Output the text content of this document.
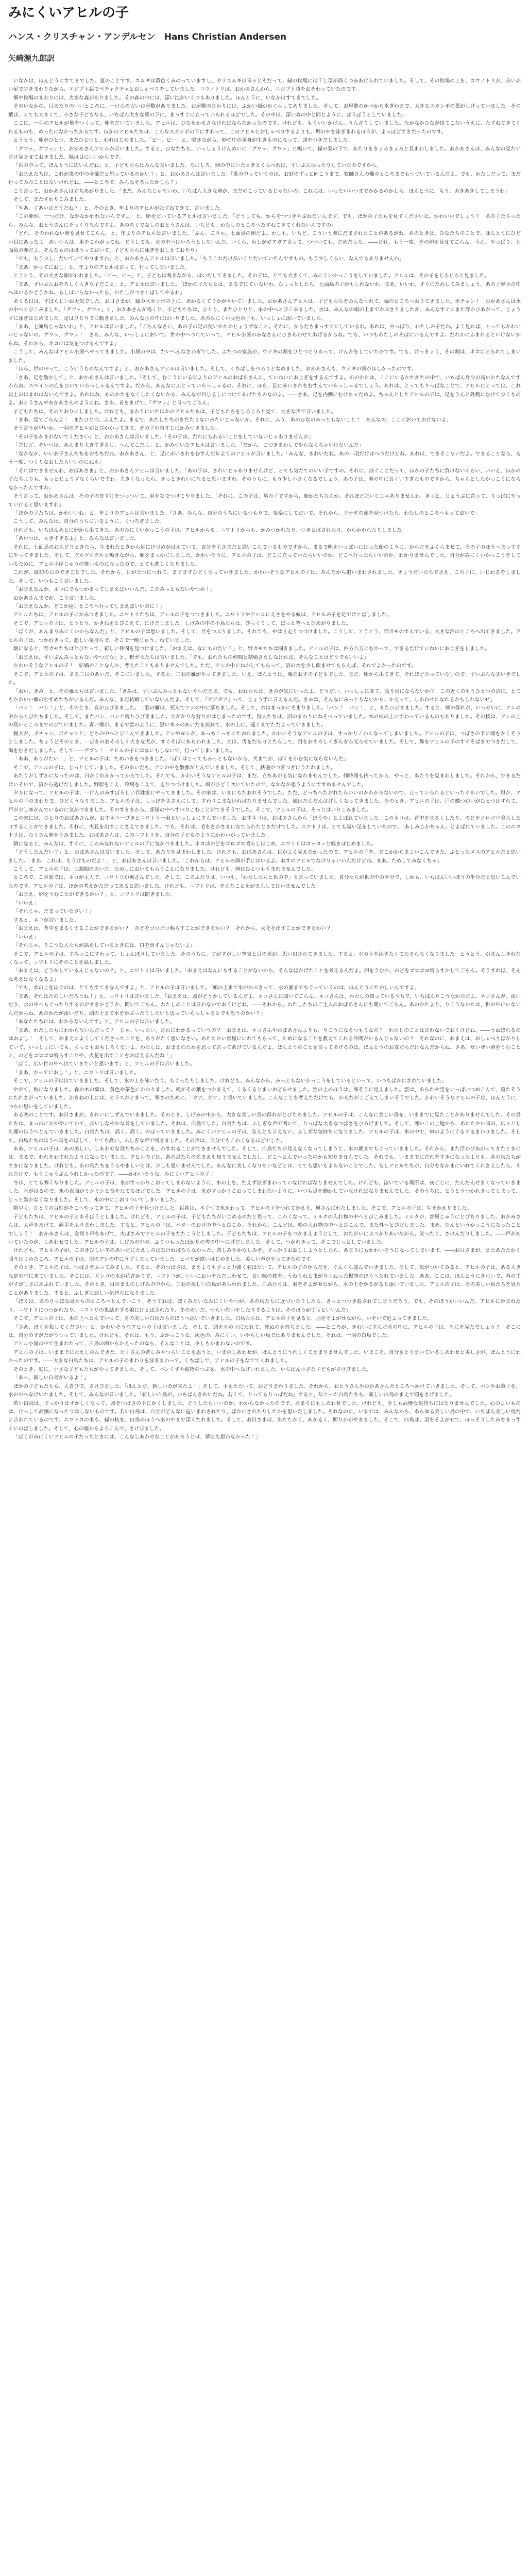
みにくいアヒルの子
ハンス・クリスチャン・アンデルセン　Hans Christian Andersen
矢崎源九郎訳

いなかは、ほんとうにすてきでした。夏のことです。コムギは黄色くみのっていますし、カラスムギは青々とそだって、緑の牧場には干し草が高くつみあげられていました。そして、その牧場の上を、コウノトリが、長い赤い足で歩きまわりながら、エジプト語でペチャクチャとおしゃべりをしていました。コウノトリは、おかあさんから、エジプト語をおそわっていたのです。

畑や牧場のまわりには、大きな森がありました。その森の中には、深い池がいくつもありました。ほんとうに、いなかはすてきでした。

そのいなかの、日あたりのいいところに、一けんの古いお屋敷がありました。お屋敷のまわりには、ふかい堀がめぐらしてありました。そして、お屋敷のかべから水ぎわまで、大きなスカンポの葉がしげっていました。その葉は、とても大きくて、小さな子どもなら、いちばん大きな葉の下に、まっすぐに立っていられるほどでした。その中は、深い森の中と同じように、ぼうぼうとしていました。

ここに、一羽のアヒルが巣をつくって、卵をだいていました。アヒルは、ひなをかえさなければならなかったのです。けれども、もういいかげん、うんざりしていました。なかなかひなが出てこないうえに、たずねてきてくれるものも、めったになかったからです。ほかのアヒルたちは、こんなスカンポの下にすわって、このアヒルとおしゃべりするよりも、堀の中を泳ぎまわるほうが、よっぽどすきだったのです。

とうとう、卵がひとつ、またひとつと、われはじめました。「ピー、ピー」と、鳴きながら、卵の中の黄身が生きものになって、頭をつきだしました。

「グワッ、グワッ」と、おかあさんアヒルが言いました。すると、ひなたちも、いっしょうけんめいに「グワッ、グワッ」と鳴いて、緑の葉の下で、あたりをきょろきょろと見まわしました。おかあさんは、みんなの見たいだけ見させておきました。緑は目にいいからです。

「世の中って、ほんとうに広いんだね」と、子どもたちはみんな言いました。なにしろ、卵の中にいたときとくらべれば、ずいぶんゆったりしていたのですから。

「おまえたちは、これが世の中の全部だと思っているのかい？」と、おかあさんは言いました。「世の中っていうのは、お庭のずっと向こうまで、牧師さんの畑のところまでもつづいているんだよ。でも、わたしだって、まだ行ってみたことはないけれどね。――ところで、みんなそろったかしら？」

こう言って、おかあさんは立ちあがりました。「まだ、みんなじゃないわ。いちばん大きな卵が、まだのこっているじゃないの。これには、いったいいつまでかかるのかしら。ほんとうに、もう、あきあきしてしまうわ」

そして、またすわりこみました。

「やあ、ぐあいはどうだね？」と、そのとき、年よりのアヒルがたずねてきて、言いました。

「この卵が、一つだけ、なかなかわれないんですよ」と、卵をだいているアヒルは言いました。「どうしても、からをつつきやぶれないんです。でも、ほかの子たちを見てくださいな。かわいいでしょう？　あの子たちったら、みんな、おとうさんにそっくりなんですよ。あのろくでなしのおとうさんは、いちども、わたしのところへたずねてきてくれないんですの」

「どれ、そのわれない卵を見せてごらん」と、年よりのアヒルは言いました。「ふん、こりゃ、七面鳥の卵だよ。わしも、いちど、こういう卵にだまされたことがあるがね。あのときは、ひなたちのことで、ほんとうにひどい目にあったよ。あいつらは、水をこわがってね。どうしても、水の中へはいろうとしないんだ。いくら、わしがガアガア言って、つついても、だめだった。――どれ、もう一度、その卵を見せてごらん。うん、やっぱり、七面鳥の卵だよ。そんなものはほうっておいて、子どもたちに泳ぎをおしえておやり」

「でも、もう少し、だいていてやりますわ」と、おかあさんアヒルは言いました。「もうこれだけ長いことだいていたんですもの。もう少しくらい、なんでもありませんわ」

「まあ、かってにおし」と、年よりのアヒルは言って、行ってしまいました。

とうとう、その大きな卵がわれました。「ピー、ピー」と、子どもは鳴きながら、はいだしてきました。その子は、とても大きくて、みにくいかっこうをしていました。アヒルは、その子をじろじろと見ました。

「まあ、ずいぶんおそろしく大きな子だこと」と、アヒルは言いました。「ほかの子たちとは、まるでにていないわ。ひょっとしたら、七面鳥の子かもしれないわ。まあ、いいわ、すぐにためしてみましょう。あの子が水の中へはいるかどうかね。もしはいらなかったら、わたしがつきとばしてやるわ」

あくる日は、すばらしいお天気でした。お日さまが、緑のスカンポの上に、あかるくてりかがやいていました。おかあさんアヒルは、子どもたちをみんなつれて、堀のところへおりてきました。ポチャン！　おかあさんは水の中へとびこみました。「グワッ、グワッ」と、おかあさんが鳴くと、子どもたちは、ひとり、またひとりと、水の中へとびこみました。水は、みんなの頭の上までかぶさりましたが、みんなすぐにまた浮かびあがって、じょうずに泳ぎはじめました。足はひとりでに動きました。みんな水の中にはいりました。あのみにくい灰色の子も、いっしょに泳いでいました。

「まあ、七面鳥じゃないわ」と、アヒルは言いました。「ごらんなさい、あの子の足の使いかたのじょうずなこと。それに、からだもまっすぐにしているわ。あれは、やっぱり、わたしの子だわ。よく見れば、とってもかわいいじゃないの。グワッ、グワッ！　さあ、みんな、いっしょにおいで。世の中へつれていって、アヒル小屋のみなさんにひきあわせてあげるからね。でも、いつもわたしのそばにいるんですよ。だれかにふまれるといけないからね。それから、ネコには気をつけるんですよ」

こうして、みんなはアヒル小屋へやってきました。小屋の中は、たいへんなさわぎでした。ふたつの家族が、ウナギの頭をひとつとりあって、けんかをしていたのです。でも、けっきょく、その頭は、ネコにとられてしまいました。

「ほら、世の中って、こういうものなんですよ」と、おかあさんアヒルは言いました。そして、くちばしをぺろりとなめました。おかあさんも、ウナギの頭がほしかったのです。

「さあ、足を動かして」と、おかあさんは言いました。「そして、むこうにいる年よりのアヒルのおばあさんに、ていねいにおじぎをするんですよ。あのかたは、ここにいるかたがたの中で、いちばん身分の高いかたなんですからね。スペインの血をひいていらっしゃるんですよ。だから、あんなにふとっていらっしゃるの。それに、ほら、足に赤いきれをむすんでいらっしゃるでしょう。あれは、とってもりっぱなことで、アヒルにとっては、これ以上のほまれはないんですよ。あれはね、あのかたをなくしたくないから、みんなが目じるしにつけてあげたものなのよ。――さあ、足を内側にむけちゃだめよ。ちゃんとしたアヒルの子は、足をうんと外側にむけて歩くものよ。おとうさんやおかあさんのようにね。さあ、首をまげて、『グワッ』と言ってごらん」

子どもたちは、そのとおりにしました。けれども、まわりにいたほかのアヒルたちは、子どもたちをじろじろと見て、大きな声で言いました。

「まあ、見てごらんよ！　またひとつ、ふえたよ。まるで、あたしたちがまだたりないみたいじゃないか。それに、ふう、あのひなのみっともないこと！　あんなの、ここにおいておけないよ」

そう言うが早いか、一羽のアヒルがとびかかってきて、その子の首すじにかみつきました。

「その子をかまわないでください」と、おかあさんは言いました。「その子は、だれにもわるいことをしていないじゃありませんか」

「だけど、そいつは、あんまり大きすぎるし、へんてこだよ」と、かみついたアヒルは言いました。「だから、こづきまわしてやらなくちゃいけないんだ」

「なかなか、いいお子さんたちをおもちだね、おかあさん」と、足に赤いきれをむすんだ年よりのアヒルが言いました。「みんな、きれいだね。あの一羽だけはべつだけどね。あれは、できそこないだよ。できることなら、もう一度、つくりなおしたらいいのにねえ」

「それはできませんわ、おばあさま」と、おかあさんアヒルは言いました。「あの子は、きれいじゃありませんけど、とても気だてのいい子ですの。それに、泳ぐことだって、ほかの子たちに負けないくらい、いいえ、ほかの子たちよりも、もっとじょうずなくらいですわ。大きくなったら、きっときれいになると思いますわ。そのうちに、もう少し小さくなるでしょう。あの子は、卵の中に長くいすぎたものですから、ちゃんとしたかっこうにならなかったんですわ」

そう言って、おかあさんは、その子の首すじをつっついて、羽をなでつけてやりました。「それに、この子は、男の子ですから、顔かたちなんか、それほどだいじじゃありませんわ。きっと、じょうぶに育って、りっぱにやっていけると思いますわ」

「ほかの子たちは、かわいいね」と、年よりのアヒルは言いました。「さあ、みんな、自分のうちにいるつもりで、気楽にしておいで。それから、ウナギの頭を見つけたら、わたしのところへもっておいで」

こうして、みんなは、自分のうちにいるように、くつろぎました。

けれども、いちばんあとに卵から出てきた、あのみにくいかっこうの子は、アヒルからも、ニワトリからも、かみつかれたり、つきとばされたり、からかわれたりしました。

「あいつは、大きすぎるよ」と、みんなは言いました。

それに、七面鳥のおんどりときたら、生まれたときから足にけづめがはえていて、自分を王さまだと思いこんでいるものですから、まるで帆をいっぱいにはった船のように、からだをふくらませて、その子のほうへまっすぐにやってきました。そして、グルグルグルと鳴きながら、顔をまっかにしました。かわいそうに、アヒルの子は、どこに立っていたらいいのか、どこへ行ったらいいのか、わかりませんでした。自分がみにくいかっこうをしているために、アヒル小屋じゅうの笑いものになったので、とても悲しくなりました。

これが、最初の日のできごとでした。それから、日がたつにつれて、ますますひどくなっていきました。かわいそうなアヒルの子は、みんなから追いまわされました。きょうだいたちでさえ、この子に、いじわるをしました。そして、いつもこう言いました。

「おまえなんか、ネコにでもつかまってしまえばいいんだ、このみっともないやつめ！」

おかあさんまでが、こう言いました。

「おまえなんか、どこか遠いところへ行ってしまえばいいのに！」

アヒルたちは、アヒルの子にかみつきました。ニワトリたちは、アヒルの子をつつきました。ニワトリやアヒルにえさをやる娘は、アヒルの子を足でけとばしました。

そこで、アヒルの子は、とうとう、かきねをとびこえて、にげだしました。しげみの中の小鳥たちは、びっくりして、ぱっと空へとびあがりました。

「ぼくが、あんまりみにくいからなんだ」と、アヒルの子は思いました。そして、目をつぶりました。それでも、やはり走りつづけました。こうして、とうとう、野ガモのすんでいる、大きな沼のところへ出てきました。アヒルの子は、つかれきって、悲しい気持ちで、そこで一晩じゅう、ねていました。

朝になると、野ガモたちはとびたって、新しい仲間を見つけました。「おまえは、なにものだい？」と、野ガモたちは聞きました。アヒルの子は、四方八方にむかって、できるだけていねいにおじぎをしました。

「おまえは、ずいぶんみっともないやつだな」と、野ガモたちは言いました。「でも、おれたちの仲間と結婚さえしなければ、そんなことはどうでもいいよ」

かわいそうなアヒルの子！　結婚のことなんか、考えたこともありませんでした。ただ、アシの中にねかしてもらって、沼の水を少し飲ませてもらえば、それでよかったのです。

そこで、アヒルの子は、まる二日のあいだ、そこにいました。すると、二羽の雁がやってきました。いえ、ほんとうは、雁のおすの子どもでした。まだ、卵から出てきて、それほどたっていないので、ずいぶんなまいきでした。

「おい、きみ」と、その雁たちは言いました。「きみは、ずいぶんみっともないやつだなあ。でも、おれたちは、きみが気にいったよ。どうだい、いっしょに来て、渡り鳥にならないか？　この近くのもうひとつの沼に、とてもかわいい雁のむすめたちがいるんだ。みんな、まだ結婚していないんだよ。そして、『ガアガア』って、じょうずに言えるんだ。きみは、そんなにみっともないから、かえって、しあわせになれるかもしれないぜ」

「パン！　パン！」と、そのとき、音がひびきました。二羽の雁は、死んでアシの中に落ちました。そして、水はまっかにそまりました。「パン！　パン！」と、またひびきました。すると、雁の群れが、いっせいに、アシの中からとびたちました。そして、またパン、パンと鳴りひびきました。大がかりな狩りがはじまったのです。狩人たちは、沼のまわりにねそべっていました。木の枝の上にすわっているものもありました。その枝は、アシの上の高いところまでのびていました。青い煙が、まるで雲のように、黒い木々のあいだを流れて、水の上に、遠くまでただよっていきました。

猟犬が、ポチャン、ポチャンと、どろの中へとびこんできました。アシやヨシが、あっちこっちにたおれました。かわいそうなアヒルの子は、すっかりこわくなってしまいました。アヒルの子は、つばさの下に頭をかくそうとしました。ちょうどそのとき、一ぴきのおそろしく大きな犬が、すぐそばにあらわれました。犬は、舌をだらりとたらして、目をおそろしくぎらぎら光らせていました。そして、鼻をアヒルの子のすぐそばまでつきだして、歯をむきだしました。そして――ザブン！　アヒルの子にはなにもしないで、行ってしまいました。

「ああ、ありがたい！」と、アヒルの子は、ためいきをつきました。「ぼくはとってもみっともないから、犬までが、ぼくをかむ気にならないんだ」

そこで、アヒルの子は、じっとしていました。そのあいだも、アシの中を散弾がとんでいきました。そして、鉄砲がつぎつぎにうたれました。

あたりがしずかになったのは、日がくれかかってからでした。それでも、かわいそうなアヒルの子は、まだ、立ちあがる気になれませんでした。何時間も待ってから、やっと、あたりを見まわしました。それから、できるだけいそいで、沼から逃げだしました。野原をこえ、牧場をこえて、走りつづけました。風がひどく吹いていたので、なかなか思うようにすすめませんでした。

夕方になって、アヒルの子は、一けんのみすぼらしい百姓家にやってきました。その家は、いまにもたおれそうでした。ただ、どっちへたおれたらいいのかわからないので、立っていられるといったぐあいでした。風が、アヒルの子のまわりで、ひどくうなりました。アヒルの子は、しっぽをささえにして、すわりこまなければなりませんでした。風はだんだんはげしくなってきました。そのとき、アヒルの子は、戸の蝶つがいがひとつはずれて、戸が少しゆがんでいるのに気がつきました。そのすきまから、部屋の中へすべりこむことができそうでした。そこで、アヒルの子は、そっとはいりこみました。

この家には、ひとりのおばあさんが、おすネコ一ぴきとニワトリ一羽といっしょにすんでいました。おすネコは、おばあさんから「ぼうや」とよばれていました。このネコは、背中をまるくしたり、のどをゴロゴロ鳴らしたりすることができました。それに、火花を出すことさえできました。でも、それは、毛をさかさまになでられたときだけでした。ニワトリは、とても短い足をしていたので、「あしみじかちゃん」とよばれていました。このニワトリは、たくさん卵をうみました。おばあさんは、このニワトリを、自分の子どものようにかわいがっていました。

朝になると、みんなは、すぐに、このみなれないアヒルの子に気がつきました。ネコはのどをゴロゴロ鳴らしはじめ、ニワトリはコッコッと鳴きはじめました。

「どうしたんだい？」と、おばあさんは言いました。そして、あたりを見まわしました。けれども、おばあさんは、目がよく見えなかったので、アヒルの子を、どこかからまよいこんできた、ふとったメスのアヒルだと思いました。「まあ、これは、もうけものだよ！」と、おばあさんは言いました。「これからは、アヒルの卵が手にはいるよ。おすのアヒルでなけりゃいいんだけどね。まあ、ためしてみなくちゃ」

こうして、アヒルの子は、三週間のあいだ、ためしにおいてもらうことになりました。けれども、卵はひとつもうまれませんでした。

ところで、この家では、ネコが主人で、ニワトリが奥さんでした。そして、このふたりは、いつも、「わたしたちと世の中」と言っていました。自分たちが世の中の半分で、しかも、いちばんいいほうの半分だと思いこんでいたのです。アヒルの子は、ほかの考えかただってあると思いました。けれども、ニワトリは、そんなことをがまんしてはいませんでした。

「おまえ、卵をうむことができるかい？」と、ニワトリは聞きました。

「いいえ」

「それじゃ、だまっていなさい！」

すると、ネコが言いました。

「おまえは、背中をまるくすることができるかい？　のどをゴロゴロ鳴らすことができるかい？　それから、火花を出すことができるかい？」

「いいえ」

「それじゃ、りこうな人たちが話をしているときには、口を出すんじゃないよ」

そこで、アヒルの子は、すみっこにすわって、しょんぼりしていました。そのうちに、すがすがしい空気と日の光が、思い出されてきました。すると、水の上を泳ぎたくてたまらなくなりました。とうとう、がまんしきれなくなって、ニワトリにそのことを話しました。

「おまえは、どうかしているんじゃないの？」と、ニワトリは言いました。「おまえはなんにもすることがないから、そんなばかげたことを考えるんだよ。卵をうむか、のどをゴロゴロ鳴らすかしてごらん。そうすれば、そんな考えはなくなるよ」

「でも、水の上を泳ぐのは、とてもすてきなんですよ」と、アヒルの子は言いました。「頭の上まで水がかぶさって、水の底までもぐっていくのは、ほんとうにたのしいんですよ」

「まあ、それはたのしいだろうね！」と、ニワトリは言いました。「おまえは、頭がどうかしているんだよ。ネコさんに聞いてごらん。ネコさんは、わたしの知っているうちで、いちばんりこうなかただよ。ネコさんが、泳いだり、水の中へもぐったりするのがすきかどうか、聞いてごらん。わたしのことは言わないでおくけどね。――それから、わたしたちのご主人のおばあさんにも聞いてごらん。あのかたより、りこうなかたは、世の中にいないんだからね。あのかたが泳いだり、頭の上まで水をかぶったりしたいと思っていらっしゃるとでも思うのかい？」

「あなたたちには、わからないんです」と、アヒルの子は言いました。

「まあ、わたしたちにわからないんだって？　じゃ、いったい、だれにわかるっていうの？　おまえは、ネコさんやおばあさんよりも、りこうになるつもりなの？　わたしのことは言わないでおくけどね。――うぬぼれるのはおよし！　そして、おまえによくしてくださったことを、ありがたく思いなさい。あたたかい部屋にいれてもらって、ためになることを教えてくれる仲間がいるんじゃないの？　それなのに、おまえは、おしゃべりばかりしていて、いっしょにいても、ちっともおもしろくないよ。わたしは、おまえのためを思って言ってあげているんだよ。ほんとうのことを言ってあげるのは、ほんとうのお友だちだけなんだからね。さあ、せいぜい卵をうむことと、のどをゴロゴロ鳴らすことや、火花を出すことをおぼえるんだね！」

「ぼく、広い世の中へ出ていきたいと思います」と、アヒルの子は言いました。

「まあ、かってにおし！」と、ニワトリは言いました。

そこで、アヒルの子は出ていきました。そして、水の上を泳いだり、もぐったりしました。けれども、みんなから、みっともないかっこうをしているといって、いつもばかにされていました。

やがて、秋になりました。森の木の葉は、黄色や茶色にかわりました。風がその葉をつかまえて、くるくるとまいおどらせました。空の上のほうは、寒そうに見えました。雲は、あられや雪をいっぱいつめこんで、重たそうにたれさがっていました。かきねの上には、カラスがとまって、寒さのために、「カア、カア」と鳴いていました。こんなことを考えただけでも、からだがこごえてしまいそうでした。かわいそうなアヒルの子は、ほんとうに、つらい思いをしていました。

ある晩のことです。お日さまが、きれいにしずんでいきました。そのとき、しげみの中から、大きな美しい鳥の群れがとびたちました。アヒルの子は、こんなに美しい鳥を、いままでに見たことがありませんでした。その鳥たちは、まっ白にかがやいていて、長いしなやかな首をしていました。それは、白鳥でした。白鳥たちは、ふしぎな声で鳴いて、りっぱな大きなつばさをひろげました。そして、寒いこの土地から、あたたかい国の、広々とした湖のほうへとんでいきました。白鳥たちは、高く、高く、のぼっていきました。みにくいアヒルの子は、なんとも言えない、ふしぎな気持ちになりました。アヒルの子は、水の中で、車のようにぐるぐるまわりました。そして、白鳥たちのほうへ首をのばして、とても高い、ふしぎな声で鳴きました。その声は、自分でもこわくなるほどでした。

ああ、アヒルの子は、あの美しい、しあわせな鳥たちのことを、わすれることができませんでした。そして、白鳥たちが見えなくなってしまうと、水の底までもぐっていきました。それから、また浮かびあがってきたときには、まるで、われをわすれたようになっていました。アヒルの子は、あの鳥たちの名まえも知りませんでしたし、どこへとんでいったのかも知りませんでした。それでも、いままでにだれをすきになったよりも、あの鳥たちがすきになりました。けれども、あの鳥たちをうらやましいとは、少しも思いませんでした。あんなに美しくなりたいなどとは、とても思いもよらないことでした。もしアヒルたちが、自分をなかまにいれてくれさえしたら、それだけで、もうじゅうぶんうれしかったのです。――かわいそうな、みにくいアヒルの子！

冬は、とても寒くなりました。アヒルの子は、水がすっかりこおってしまわないように、水の上を、たえず泳ぎまわっていなければなりませんでした。けれども、泳いでいる場所は、夜ごとに、だんだんせまくなっていきました。氷がはるので、氷の表面がミシミシと音をたてるほどでした。アヒルの子は、水がすっかりこおってしまわないように、いつも足を動かしていなければなりませんでした。そのうちに、とうとうつかれきってしまって、じっと動かなくなりました。そして、氷の中にこおりついてしまいました。

朝早く、ひとりの百姓がそこへやってきて、アヒルの子を見つけました。百姓は、木ぐつで氷をわって、アヒルの子をつれてかえり、奥さんにわたしました。そこで、アヒルの子は、生きかえりました。

子どもたちは、アヒルの子とあそぼうとしました。けれども、アヒルの子は、子どもたちがいじめるのだと思って、こわくなって、ミルクの入れ物の中へとびこみました。ミルクが、部屋じゅうにとびちりました。おかみさんは、大声をあげて、両手をふりまわしました。すると、アヒルの子は、バターのおけの中へとびこみ、それから、こんどは、粉の入れ物の中へとびこんで、また外へとびだしました。まあ、なんというかっこうになったことでしょう！　おかみさんは、金切り声をあげて、火ばさみでアヒルの子をたたこうとしました。子どもたちは、アヒルの子をつかまえようとして、おたがいにぶつかりあいながら、笑ったり、さけんだりしました。――戸があいていたのが、しあわせでした。アヒルの子は、しげみの中の、ふりつもったばかりの雪の中へにげだしました。そして、つかれきって、そこでじっとしていました。

けれども、アヒルの子が、このきびしい冬のあいだにたえしのばなければならなかった、苦しみやかなしみを、すっかりお話ししようとしたら、あまりにもかわいそうになってしまいます。――お日さまが、またあたたかく照りはじめたころ、アヒルの子は、沼のアシの中にうずくまっていました。ヒバリが歌いはじめました。美しい春がやってきたのです。

そのとき、アヒルの子は、つばさをふってみました。すると、そのつばさは、まえよりもずっと力強く羽ばたいて、アヒルの子のからだを、ぐんぐん運んでいきました。そして、気がついてみると、アヒルの子は、ある大きな庭の中に来ていました。そこには、リンゴの木が花ざかりで、ニワトコが、いいにおいをただよわせて、長い緑の枝を、うねうねとまがりくねった掘割のほうへたれていました。ああ、ここは、ほんとうにきれいで、春のすがすがしさにあふれていました。そのとき、目のまえのしげみの中から、三羽の美しい白鳥があらわれました。白鳥たちは、羽をそよがせながら、水の上をかるがると泳いでいました。アヒルの子は、その美しい鳥たちを見たことがありました。すると、ふしぎに悲しい気持ちになりました。

「ぼくは、あのりっぱな鳥たちのところへとんでいこう。そうすれば、ぼくみたいなみにくいやつが、あの鳥たちに近づいたりしたら、きっとつつき殺されてしまうだろう。でも、そのほうがいいんだ。アヒルにかまれたり、ニワトリにつつかれたり、ニワトリの世話をする娘にけとばされたり、冬のあいだ、つらい思いをしたりするよりは、そのほうがずっといいんだ」

そこで、アヒルの子は、水の上へとんでいって、その美しい白鳥たちのほうへ泳いでいきました。白鳥たちは、アヒルの子を見ると、羽をそよがせながら、いそいで近よってきました。

「さあ、ぼくを殺してください」と、かわいそうなアヒルの子は言いました。そして、頭を水の上にたれて、死ぬのを待ちました。――ところが、きれいにすんだ水の中に、アヒルの子は、なにを見たでしょう？　そこには、自分のすがたがうつっていました。けれども、それは、もう、ぶかっこうな、灰色の、みにくい、いやらしい鳥ではありませんでした。それは、一羽の白鳥でした。

アヒル小屋の中で生まれたって、白鳥の卵からかえったのなら、そんなことは、少しもかまわないのです。

アヒルの子は、いままでにたえしのんできた、たくさんの苦しみやつらいことを思うと、いまのしあわせが、ほんとうにうれしくてたまりませんでした。いまこそ、自分をとりまいているしあわせと美しさが、ほんとうにわかったのです。――大きな白鳥たちは、アヒルの子のまわりを泳ぎまわって、くちばしで、アヒルの子をなでてくれました。

そのとき、庭に、小さな子どもたちがやってきました。そして、パンくずや穀物のつぶを、水の中へなげいれました。いちばん小さな子どもがさけびました。

「あっ、新しい白鳥がいるよ！」

ほかの子どもたちも、大喜びで、さけびました。「ほんとだ、新しいのが来たよ！」そして、手をたたいて、おどりまわりました。それから、おとうさんやおかあさんのところへかけていきました。そして、パンやお菓子を、水の中へなげいれました。そして、みんなが言いました。「新しい白鳥が、いちばんきれいだね。若くて、とってもりっぱだね」すると、年とった白鳥たちも、新しい白鳥のまえで頭をさげました。

若い白鳥は、すっかりはずかしくなって、頭をつばさの下にかくしました。どうしたらいいのか、わからなかったのです。あまりにもしあわせでした。けれども、少しも高慢な気持ちにはなりませんでした。心のよいものは、けっして高慢になったりはしないものです。若い白鳥は、自分がどんなに追いまわされたり、ばかにされたりしたかを思いだしました。それなのに、いまでは、みんなから、あらゆる美しい鳥の中で、いちばん美しい鳥だと言われているのです。ニワトコの木も、緑の枝を、白鳥のほうへ水の中まで深くたれました。そして、お日さまは、あたたかく、あかるく、照りかがやきました。そこで、白鳥は、羽をそよがせて、ほっそりした首をまっすぐにのばしました。そして、心の底からよろこんで、さけびました。

「ぼくがみにくいアヒルの子だったときには、こんなしあわせなことがあろうとは、夢にも思わなかった！」
